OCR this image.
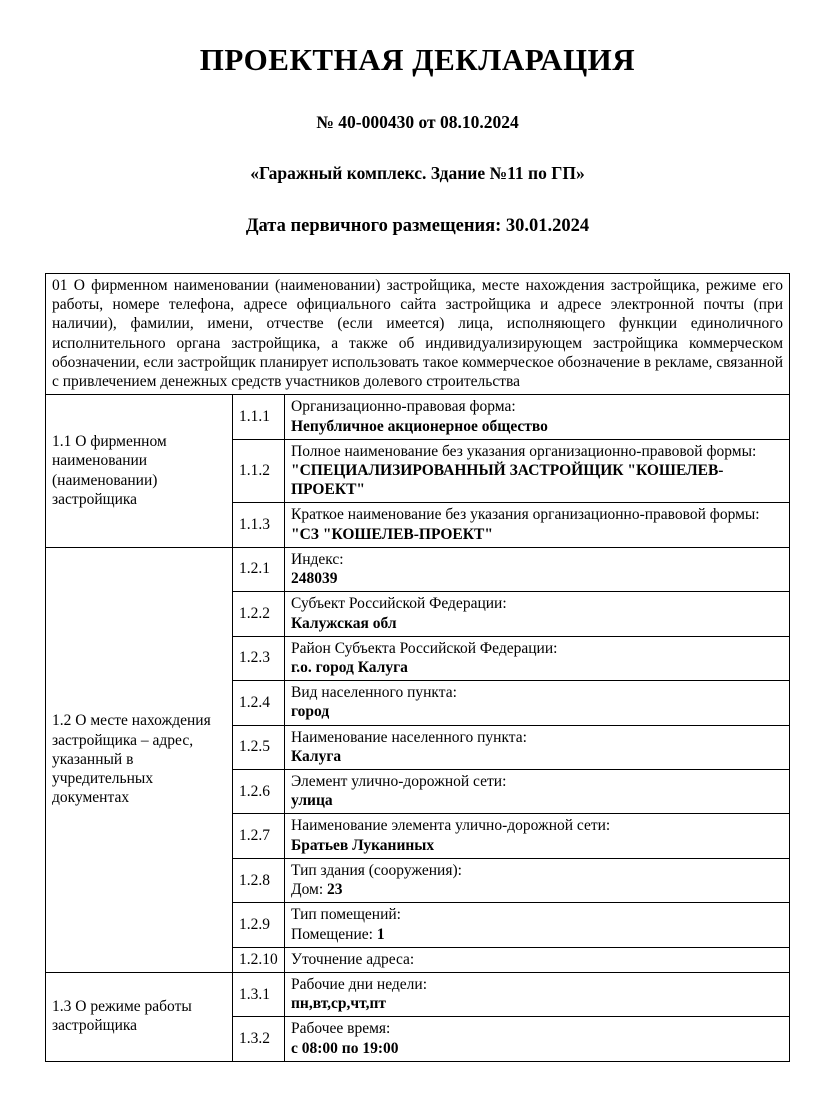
ПРОЕКТНАЯ ДЕКЛАРАЦИЯ
№ 40-000430 от 08.10.2024
«Гаражный комплекс. Здание №11 по ГП»
Дата первичного размещения: 30.01.2024
01 О фирменном наименовании (наименовании) застройщика, месте нахождения застройщика, режиме его работы, номере телефона, адресе официального сайта застройщика и адресе электронной почты (при наличии), фамилии, имени, отчестве (если имеется) лица, исполняющего функции единоличного исполнительного органа застройщика, а также об индивидуализирующем застройщика коммерческом обозначении, если застройщик планирует использовать такое коммерческое обозначение в рекламе, связанной с привлечением денежных средств участников долевого строительства		
1.1 О фирменном наименовании (наименовании) застройщика	1.1.1	Организационно-правовая форма:
Непубличное акционерное общество

	1.1.2	Полное наименование без указания организационно-правовой формы:
"СПЕЦИАЛИЗИРОВАННЫЙ ЗАСТРОЙЩИК "КОШЕЛЕВ-ПРОЕКТ"

	1.1.3	Краткое наименование без указания организационно-правовой формы:
"СЗ "КОШЕЛЕВ-ПРОЕКТ"

1.2 О месте нахождения застройщика – адрес, указанный в учредительных документах	1.2.1	Индекс:
248039

	1.2.2	Субъект Российской Федерации:
Калужская обл

	1.2.3	Район Субъекта Российской Федерации:
г.о. город Калуга

	1.2.4	Вид населенного пункта:
город

	1.2.5	Наименование населенного пункта:
Калуга

	1.2.6	Элемент улично-дорожной сети:
улица

	1.2.7	Наименование элемента улично-дорожной сети:
Братьев Луканиных

	1.2.8	Тип здания (сооружения):
Дом: 23

	1.2.9	Тип помещений:
Помещение: 1

	1.2.10	Уточнение адреса:

1.3 О режиме работы застройщика	1.3.1	Рабочие дни недели:
пн,вт,ср,чт,пт

	1.3.2	Рабочее время:
с 08:00 по 19:00
